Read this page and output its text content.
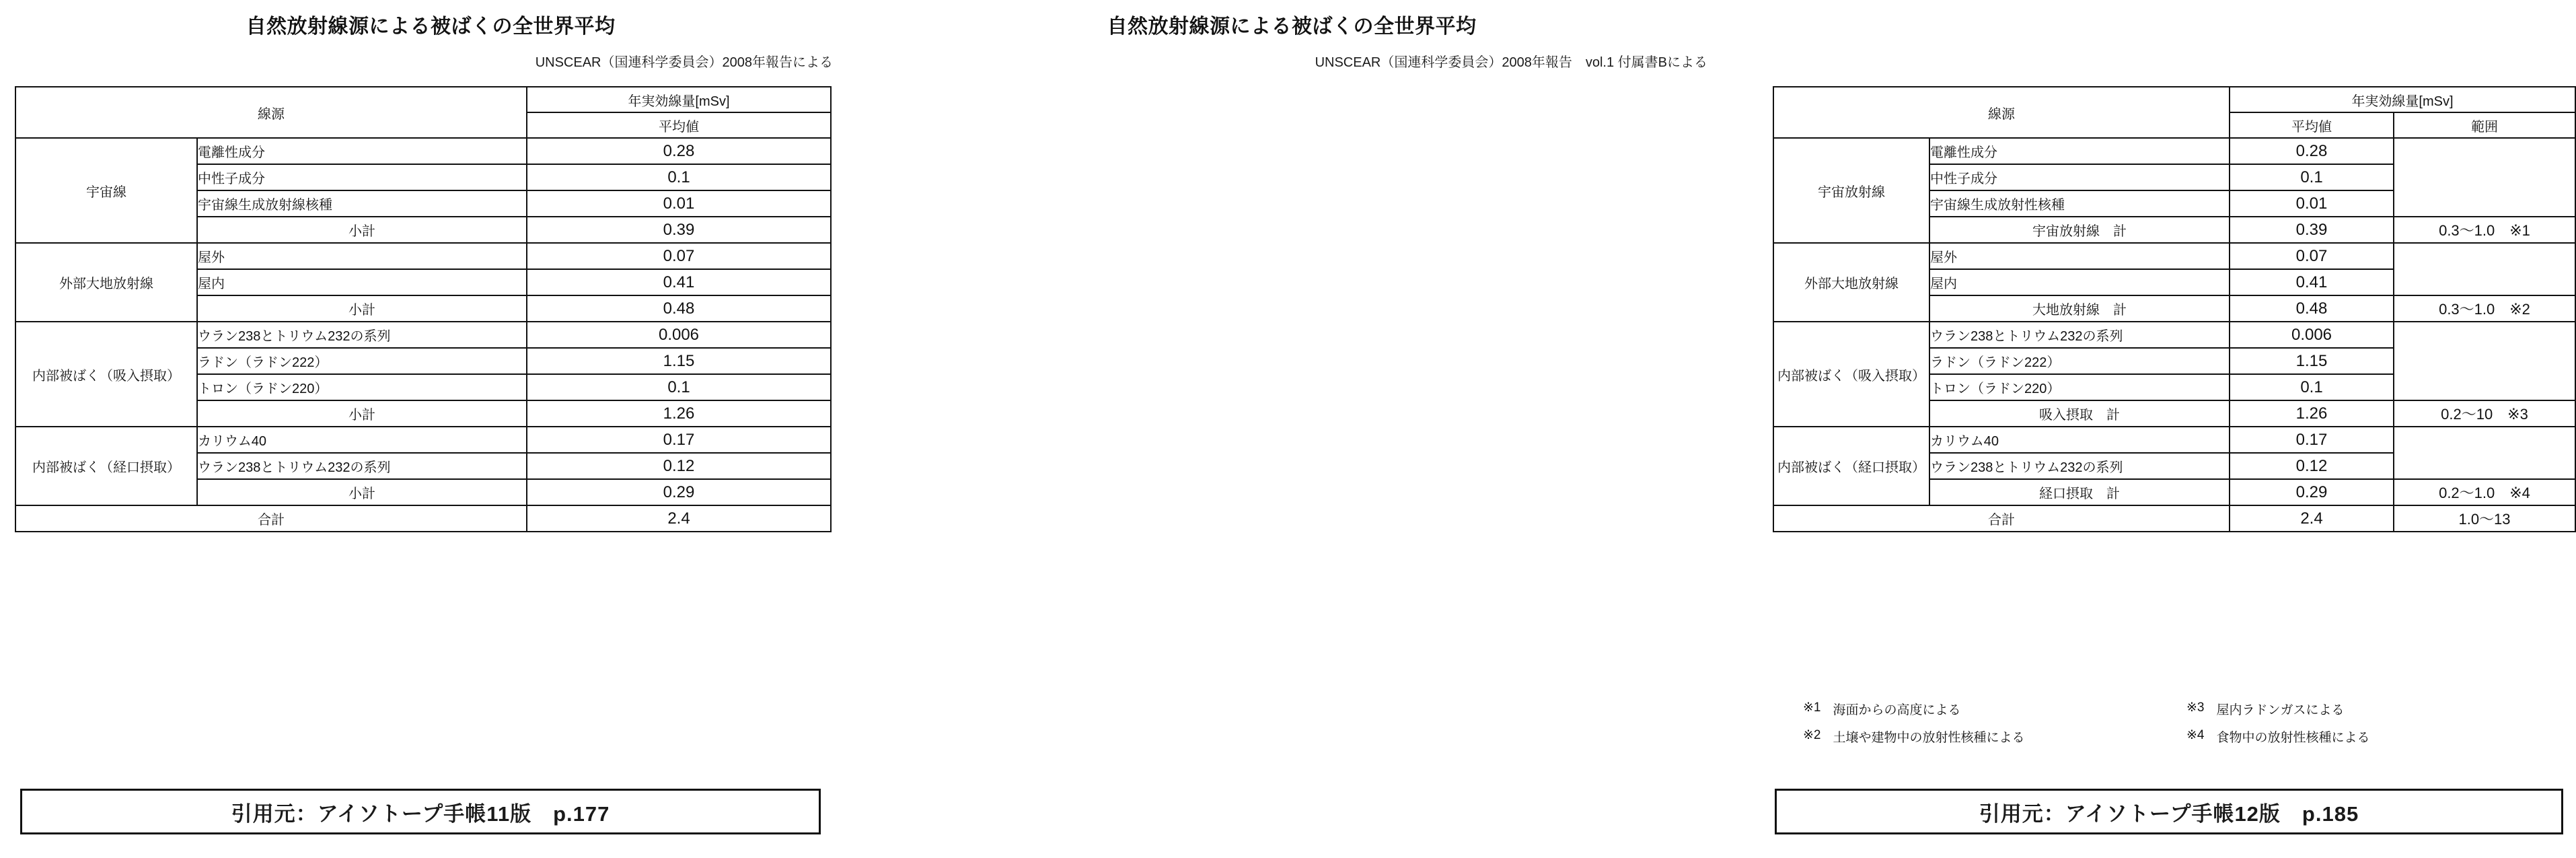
自然放射線源による被ばくの全世界平均
UNSCEAR（国連科学委員会）2008年報告による
線源		年実効線量[mSv]
		平均値
宇宙線	電離性成分	0.28
	中性子成分	0.1
	宇宙線生成放射線核種	0.01
	小計	0.39
外部大地放射線	屋外	0.07
	屋内	0.41
	小計	0.48
内部被ばく（吸入摂取）	ウラン238とトリウム232の系列	0.006
	ラドン（ラドン222）	1.15
	トロン（ラドン220）	0.1
	小計	1.26
内部被ばく（経口摂取）	カリウム40	0.17
	ウラン238とトリウム232の系列	0.12
	小計	0.29
合計		2.4
引用元：アイソトープ手帳11版　p.177
自然放射線源による被ばくの全世界平均
UNSCEAR（国連科学委員会）2008年報告　vol.1 付属書Bによる
線源		年実効線量[mSv]	
		平均値	範囲
宇宙放射線	電離性成分	0.28	
	中性子成分	0.1	
	宇宙線生成放射性核種	0.01	
	宇宙放射線　計	0.39	0.3〜1.0　※1
外部大地放射線	屋外	0.07	
	屋内	0.41	
	大地放射線　計	0.48	0.3〜1.0　※2
内部被ばく（吸入摂取）	ウラン238とトリウム232の系列	0.006	
	ラドン（ラドン222）	1.15	
	トロン（ラドン220）	0.1	
	吸入摂取　計	1.26	0.2〜10　※3
内部被ばく（経口摂取）	カリウム40	0.17	
	ウラン238とトリウム232の系列	0.12	
	経口摂取　計	0.29	0.2〜1.0　※4
合計		2.4	1.0〜13
※1 海面からの高度による	※3 屋内ラドンガスによる
※2 土壌や建物中の放射性核種による	※4 食物中の放射性核種による
引用元：アイソトープ手帳12版　p.185
